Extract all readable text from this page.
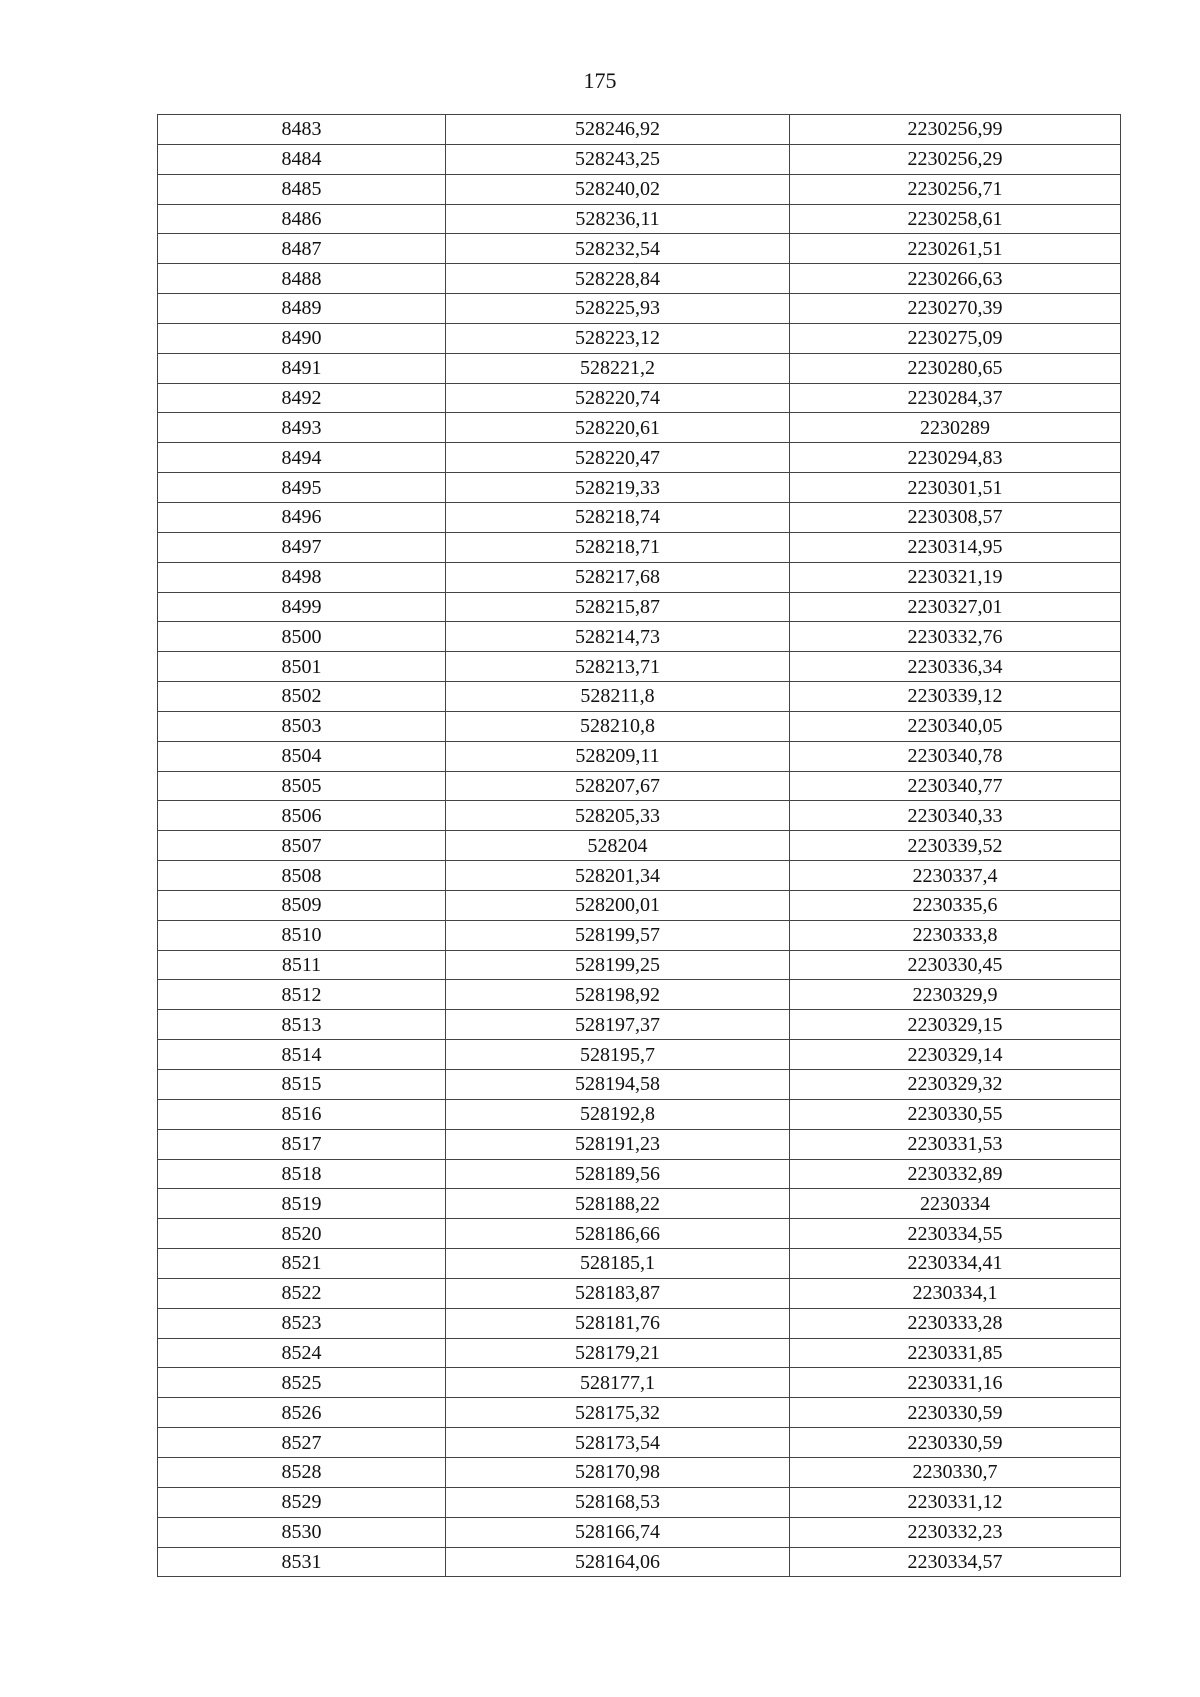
175
8483	528246,92	2230256,99
8484	528243,25	2230256,29
8485	528240,02	2230256,71
8486	528236,11	2230258,61
8487	528232,54	2230261,51
8488	528228,84	2230266,63
8489	528225,93	2230270,39
8490	528223,12	2230275,09
8491	528221,2	2230280,65
8492	528220,74	2230284,37
8493	528220,61	2230289
8494	528220,47	2230294,83
8495	528219,33	2230301,51
8496	528218,74	2230308,57
8497	528218,71	2230314,95
8498	528217,68	2230321,19
8499	528215,87	2230327,01
8500	528214,73	2230332,76
8501	528213,71	2230336,34
8502	528211,8	2230339,12
8503	528210,8	2230340,05
8504	528209,11	2230340,78
8505	528207,67	2230340,77
8506	528205,33	2230340,33
8507	528204	2230339,52
8508	528201,34	2230337,4
8509	528200,01	2230335,6
8510	528199,57	2230333,8
8511	528199,25	2230330,45
8512	528198,92	2230329,9
8513	528197,37	2230329,15
8514	528195,7	2230329,14
8515	528194,58	2230329,32
8516	528192,8	2230330,55
8517	528191,23	2230331,53
8518	528189,56	2230332,89
8519	528188,22	2230334
8520	528186,66	2230334,55
8521	528185,1	2230334,41
8522	528183,87	2230334,1
8523	528181,76	2230333,28
8524	528179,21	2230331,85
8525	528177,1	2230331,16
8526	528175,32	2230330,59
8527	528173,54	2230330,59
8528	528170,98	2230330,7
8529	528168,53	2230331,12
8530	528166,74	2230332,23
8531	528164,06	2230334,57
